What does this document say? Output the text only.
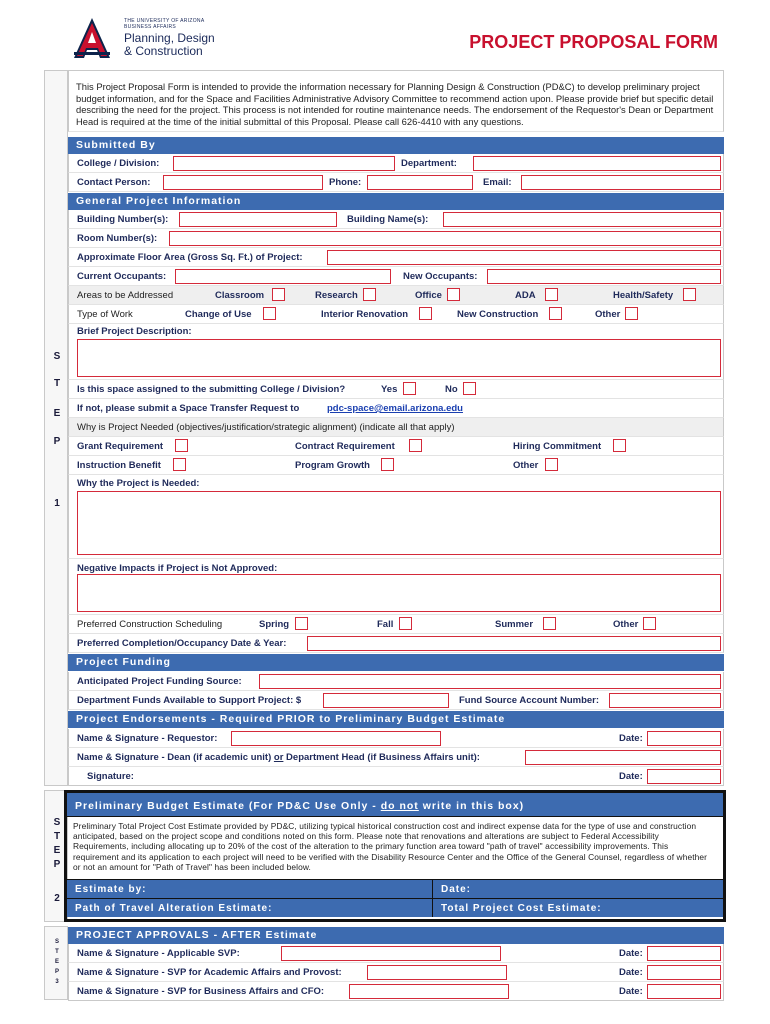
THE UNIVERSITY OF ARIZONA
BUSINESS AFFAIRS
Planning, Design
& Construction	PROJECT PROPOSAL FORM
S
T
E
P
1
This Project Proposal Form is intended to provide the information necessary for Planning Design & Construction (PD&C) to develop preliminary project budget information, and for the Space and Facilities Administrative Advisory Committee to recommend action upon. Please provide brief but specific detail describing the need for the project. This process is not intended for routine maintenance needs. The endorsement of the Requestor's Dean or Department Head is required at the time of the initial submittal of this Proposal. Please call 626-4410 with any questions.
Submitted By
College / Division:	Department:
Contact Person:	Phone:	Email:
General Project Information
Building Number(s):	Building Name(s):
Room Number(s):
Approximate Floor Area (Gross Sq. Ft.) of Project:
Current Occupants:	New Occupants:
Areas to be Addressed	Classroom	Research	Office	ADA	Health/Safety
Type of Work	Change of Use	Interior Renovation	New Construction	Other
Brief Project Description:
Is this space assigned to the submitting College / Division?	Yes	No
If not, please submit a Space Transfer Request to	pdc-space@email.arizona.edu
Why is Project Needed (objectives/justification/strategic alignment) (indicate all that apply)
Grant Requirement	Contract Requirement	Hiring Commitment
Instruction Benefit	Program Growth	Other
Why the Project is Needed:
Negative Impacts if Project is Not Approved:
Preferred Construction Scheduling	Spring	Fall	Summer	Other
Preferred Completion/Occupancy Date & Year:
Project Funding
Anticipated Project Funding Source:
Department Funds Available to Support Project: $	Fund Source Account Number:
Project Endorsements - Required PRIOR to Preliminary Budget Estimate
Name & Signature - Requestor:	Date:
Name & Signature - Dean (if academic unit) or Department Head (if Business Affairs unit):
Signature:	Date:
S
T
E
P
2
Preliminary Budget Estimate (For PD&C Use Only - do not write in this box)
Preliminary Total Project Cost Estimate provided by PD&C, utilizing typical historical construction cost and indirect expense data for the type of use and construction anticipated, based on the project scope and conditions noted on this form. Please note that renovations and alterations are subject to Federal Accessibility Requirements, including allocating up to 20% of the cost of the alteration to the primary function area toward "path of travel" accessibility improvements. This requirement and its application to each project will need to be verified with the Disability Resource Center and the Office of the General Counsel, regardless of whether or not an amount for "Path of Travel" has been included below.
Estimate by:	Date:
Path of Travel Alteration Estimate:	Total Project Cost Estimate:
S
T
E
P
3
PROJECT APPROVALS - AFTER Estimate
Name & Signature - Applicable SVP:	Date:
Name & Signature - SVP for Academic Affairs and Provost:	Date:
Name & Signature - SVP for Business Affairs and CFO:	Date:
